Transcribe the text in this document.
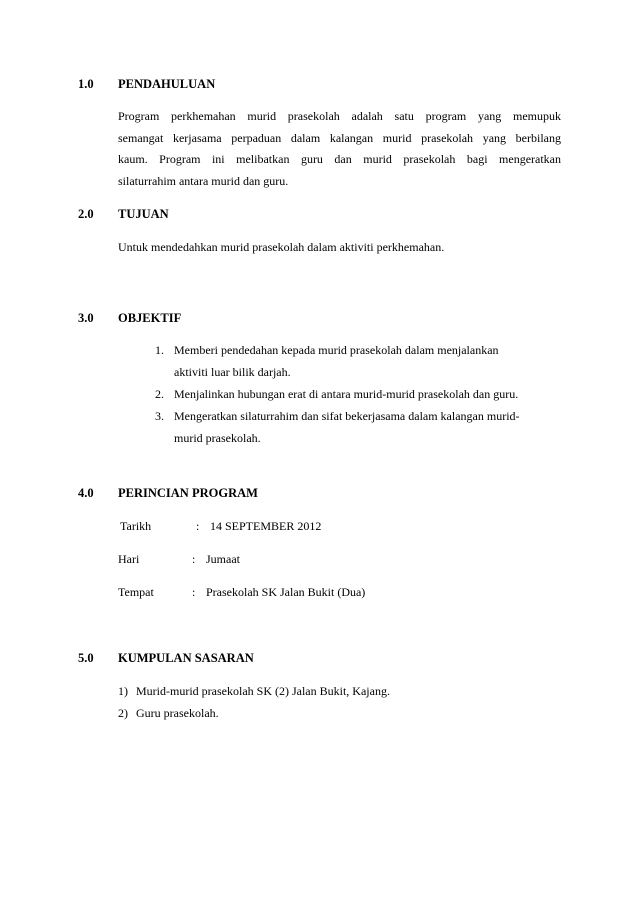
1.0 PENDAHULUAN
Program perkhemahan murid prasekolah adalah satu program yang memupuk
semangat kerjasama perpaduan dalam kalangan murid prasekolah yang berbilang
kaum. Program ini melibatkan guru dan murid prasekolah bagi mengeratkan
silaturrahim antara murid dan guru.
2.0 TUJUAN
Untuk mendedahkan murid prasekolah dalam aktiviti perkhemahan.
3.0 OBJEKTIF
1. Memberi pendedahan kepada murid prasekolah dalam menjalankan
aktiviti luar bilik darjah.
2. Menjalinkan hubungan erat di antara murid-murid prasekolah dan guru.
3. Mengeratkan silaturrahim dan sifat bekerjasama dalam kalangan murid-
murid prasekolah.
4.0 PERINCIAN PROGRAM
Tarikh	: 14 SEPTEMBER 2012
Hari	: Jumaat
Tempat	: Prasekolah SK Jalan Bukit (Dua)
5.0 KUMPULAN SASARAN
1) Murid-murid prasekolah SK (2) Jalan Bukit, Kajang.
2) Guru prasekolah.
